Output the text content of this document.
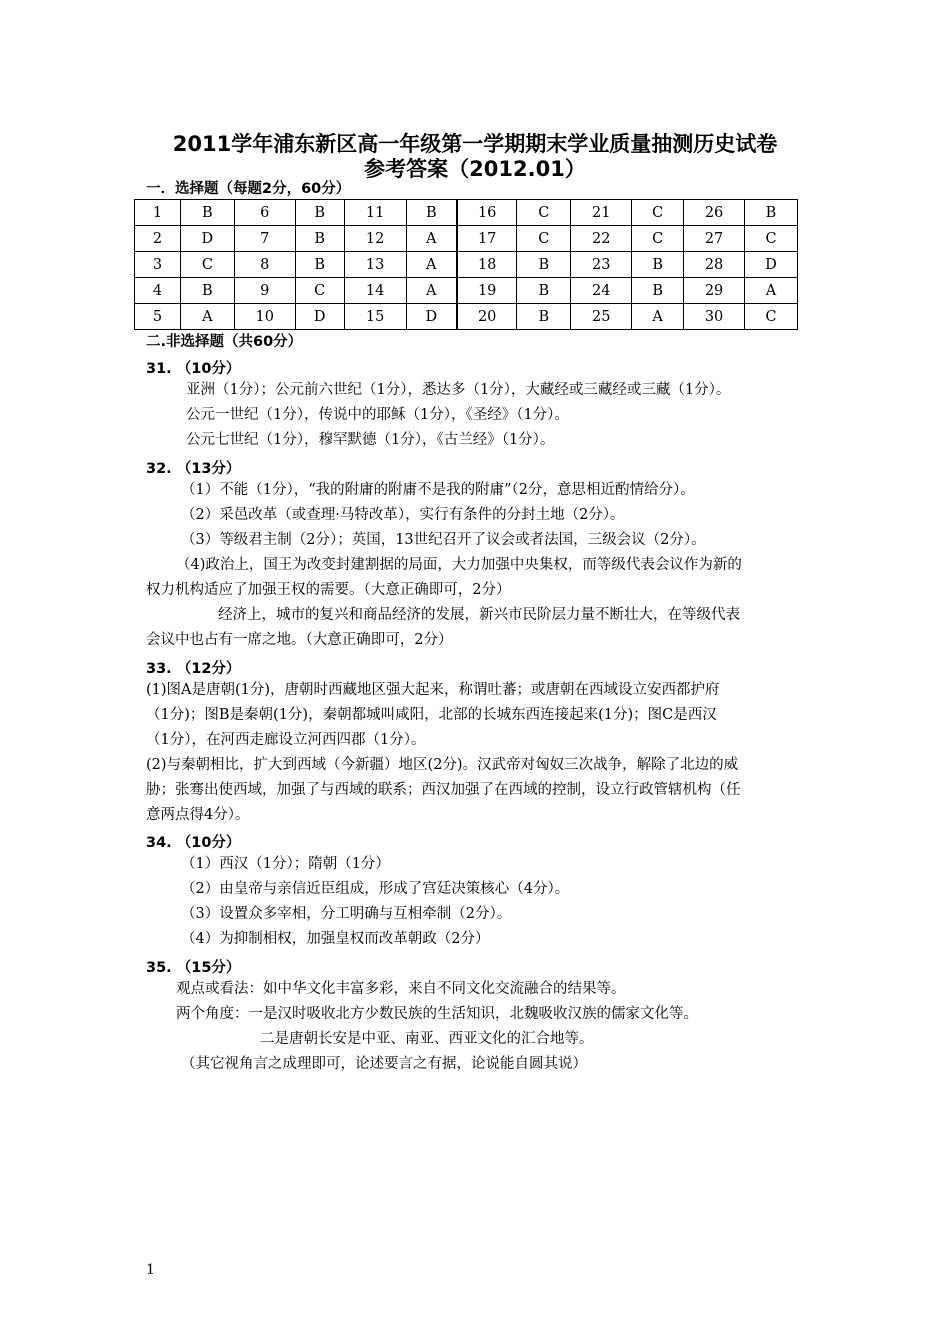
2011学年浦东新区高一年级第一学期期末学业质量抽测历史试卷
参考答案（2012.01）
一．选择题（每题2分，60分）
1	B	6	B	11	B	16	C	21	C	26	B
2	D	7	B	12	A	17	C	22	C	27	C
3	C	8	B	13	A	18	B	23	B	28	D
4	B	9	C	14	A	19	B	24	B	29	A
5	A	10	D	15	D	20	B	25	A	30	C
二.非选择题（共60分）
31. （10分）
亚洲（1分）；公元前六世纪（1分），悉达多（1分），大藏经或三藏经或三藏（1分）。
公元一世纪（1分），传说中的耶稣（1分），《圣经》（1分）。
公元七世纪（1分），穆罕默德（1分），《古兰经》（1分）。
32. （13分）
（1）不能（1分），“我的附庸的附庸不是我的附庸”（2分，意思相近酌情给分）。
（2）采邑改革（或查理·马特改革），实行有条件的分封土地（2分）。
（3）等级君主制（2分）；英国，13世纪召开了议会或者法国，三级会议（2分）。
（4)政治上，国王为改变封建割据的局面，大力加强中央集权，而等级代表会议作为新的
权力机构适应了加强王权的需要。（大意正确即可，2分）
经济上，城市的复兴和商品经济的发展，新兴市民阶层力量不断壮大，在等级代表
会议中也占有一席之地。（大意正确即可，2分）
33. （12分）
(1)图A是唐朝(1分)，唐朝时西藏地区强大起来，称谓吐蕃；或唐朝在西域设立安西都护府
（1分)；图B是秦朝(1分)，秦朝都城叫咸阳，北部的长城东西连接起来(1分)；图C是西汉
（1分），在河西走廊设立河西四郡（1分）。
(2)与秦朝相比，扩大到西域（今新疆）地区(2分)。汉武帝对匈奴三次战争，解除了北边的威
胁；张骞出使西域，加强了与西域的联系；西汉加强了在西域的控制，设立行政管辖机构（任
意两点得4分）。
34. （10分）
（1）西汉（1分）；隋朝（1分）
（2）由皇帝与亲信近臣组成，形成了宫廷决策核心（4分）。
（3）设置众多宰相，分工明确与互相牵制（2分）。
（4）为抑制相权，加强皇权而改革朝政（2分）
35. （15分）
观点或看法：如中华文化丰富多彩，来自不同文化交流融合的结果等。
两个角度：一是汉时吸收北方少数民族的生活知识，北魏吸收汉族的儒家文化等。
二是唐朝长安是中亚、南亚、西亚文化的汇合地等。
（其它视角言之成理即可，论述要言之有据，论说能自圆其说）
1
